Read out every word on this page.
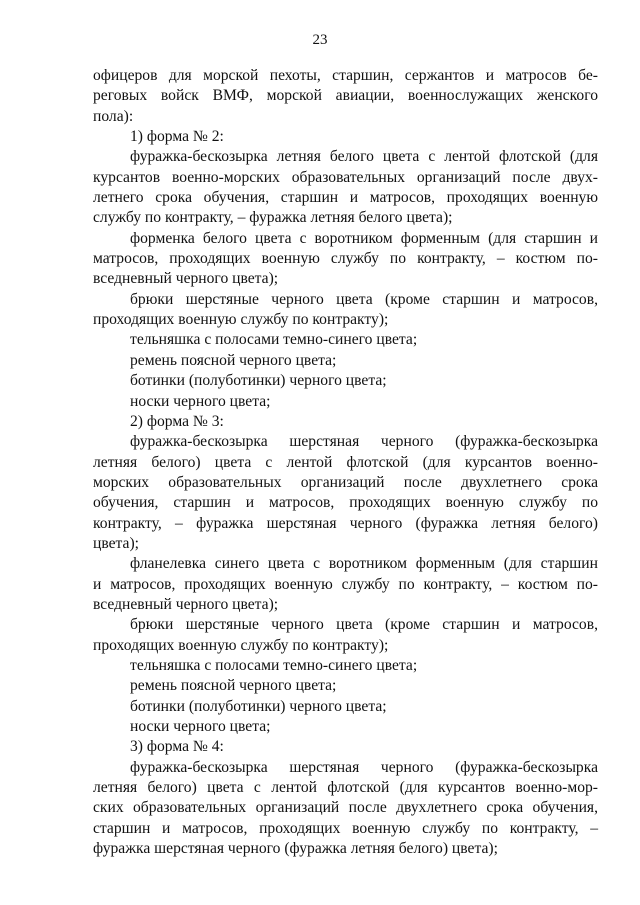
23
офицеров для морской пехоты, старшин, сержантов и матросов бе-
реговых войск ВМФ, морской авиации, военнослужащих женского
пола):
1) форма № 2:
фуражка-бескозырка летняя белого цвета с лентой флотской (для
курсантов военно-морских образовательных организаций после двух-
летнего срока обучения, старшин и матросов, проходящих военную
службу по контракту, – фуражка летняя белого цвета);
форменка белого цвета с воротником форменным (для старшин и
матросов, проходящих военную службу по контракту, – костюм по-
вседневный черного цвета);
брюки шерстяные черного цвета (кроме старшин и матросов,
проходящих военную службу по контракту);
тельняшка с полосами темно-синего цвета;
ремень поясной черного цвета;
ботинки (полуботинки) черного цвета;
носки черного цвета;
2) форма № 3:
фуражка-бескозырка шерстяная черного (фуражка-бескозырка
летняя белого) цвета с лентой флотской (для курсантов военно-
морских образовательных организаций после двухлетнего срока
обучения, старшин и матросов, проходящих военную службу по
контракту, – фуражка шерстяная черного (фуражка летняя белого)
цвета);
фланелевка синего цвета с воротником форменным (для старшин
и матросов, проходящих военную службу по контракту, – костюм по-
вседневный черного цвета);
брюки шерстяные черного цвета (кроме старшин и матросов,
проходящих военную службу по контракту);
тельняшка с полосами темно-синего цвета;
ремень поясной черного цвета;
ботинки (полуботинки) черного цвета;
носки черного цвета;
3) форма № 4:
фуражка-бескозырка шерстяная черного (фуражка-бескозырка
летняя белого) цвета с лентой флотской (для курсантов военно-мор-
ских образовательных организаций после двухлетнего срока обучения,
старшин и матросов, проходящих военную службу по контракту, –
фуражка шерстяная черного (фуражка летняя белого) цвета);
